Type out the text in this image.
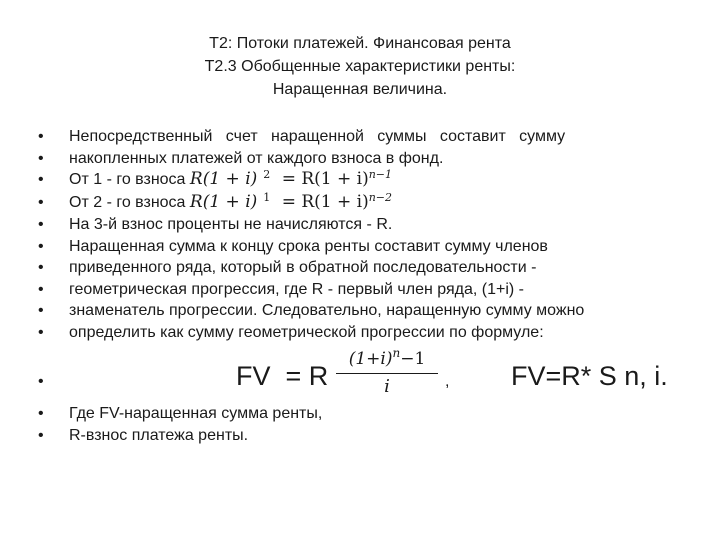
Т2: Потоки платежей. Финансовая рента
Т2.3 Обобщенные характеристики ренты:
Наращенная величина.
• Непосредственный   счет   наращенной   суммы   составит   сумму
• накопленных платежей от каждого взноса в фонд.
• От 1 - го взноса R(1 + i) $^2 = R(1 + i)^{n-1}$
• От 2 - го взноса R(1 + i) $^1 = R(1 + i)^{n-2}$
• На 3-й взнос проценты не начисляются - R.
• Наращенная сумма к концу срока ренты составит сумму членов
• приведенного ряда, который в обратной последовательности -
• геометрическая прогрессия, где R - первый член ряда, (1+i) -
• знаменатель прогрессии. Следовательно, наращенную сумму можно
• определить как сумму геометрической прогрессии по формуле:
•	FV  = R
$(1+i)^n-1$
i	, FV=R* S n, i.
• Где FV-наращенная сумма ренты,
• R-взнос платежа ренты.
